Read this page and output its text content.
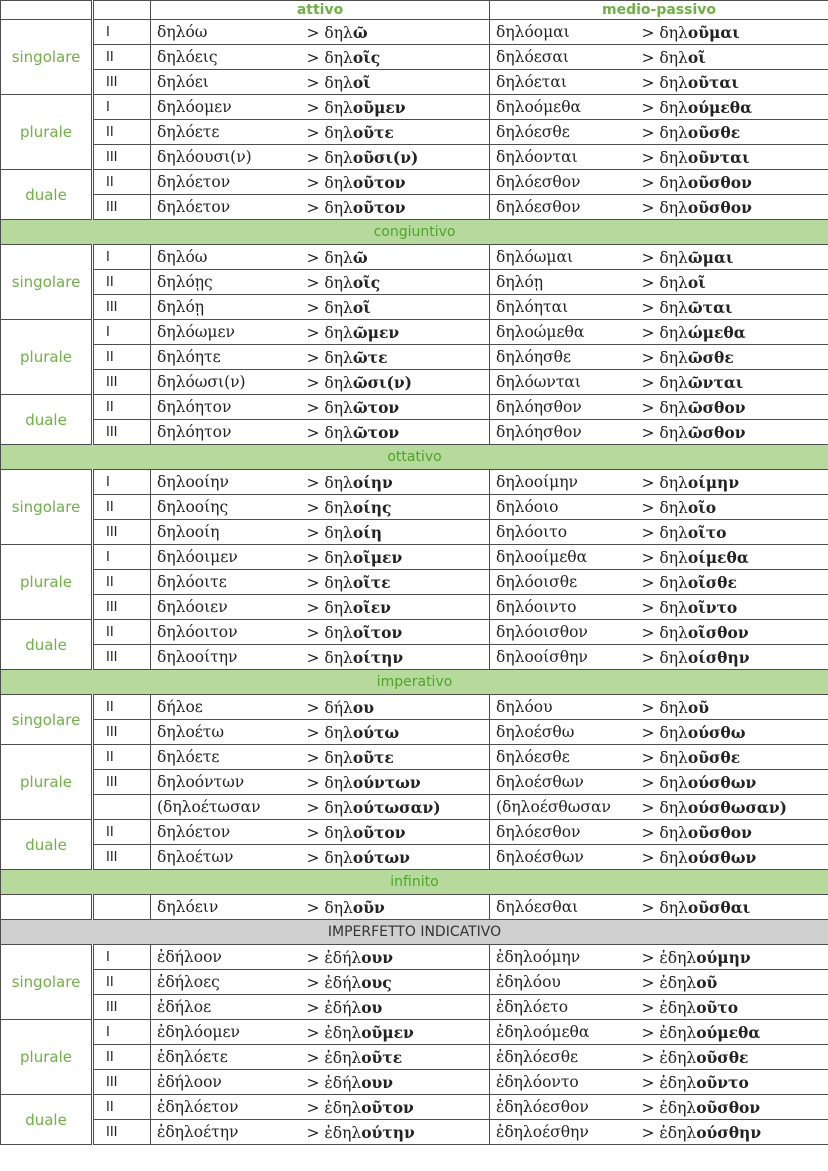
		attivo		medio-passivo	
singolare	I	δηλόω	> δηλῶ	δηλόομαι	> δηλοῦμαι
	II	δηλόεις	> δηλοῖς	δηλόεσαι	> δηλοῖ
	III	δηλόει	> δηλοῖ	δηλόεται	> δηλοῦται
plurale	I	δηλόομεν	> δηλοῦμεν	δηλοόμεθα	> δηλούμεθα
	II	δηλόετε	> δηλοῦτε	δηλόεσθε	> δηλοῦσθε
	III	δηλόουσι(ν)	> δηλοῦσι(ν)	δηλόονται	> δηλοῦνται
duale	II	δηλόετον	> δηλοῦτον	δηλόεσθον	> δηλοῦσθον
	III	δηλόετον	> δηλοῦτον	δηλόεσθον	> δηλοῦσθον
congiuntivo					
singolare	I	δηλόω	> δηλῶ	δηλόωμαι	> δηλῶμαι
	II	δηλόῃς	> δηλοῖς	δηλόῃ	> δηλοῖ
	III	δηλόῃ	> δηλοῖ	δηλόηται	> δηλῶται
plurale	I	δηλόωμεν	> δηλῶμεν	δηλοώμεθα	> δηλώμεθα
	II	δηλόητε	> δηλῶτε	δηλόησθε	> δηλῶσθε
	III	δηλόωσι(ν)	> δηλῶσι(ν)	δηλόωνται	> δηλῶνται
duale	II	δηλόητον	> δηλῶτον	δηλόησθον	> δηλῶσθον
	III	δηλόητον	> δηλῶτον	δηλόησθον	> δηλῶσθον
ottativo					
singolare	I	δηλοοίην	> δηλοίην	δηλοοίμην	> δηλοίμην
	II	δηλοοίης	> δηλοίης	δηλόοιο	> δηλοῖο
	III	δηλοοίη	> δηλοίη	δηλόοιτο	> δηλοῖτο
plurale	I	δηλόοιμεν	> δηλοῖμεν	δηλοοίμεθα	> δηλοίμεθα
	II	δηλόοιτε	> δηλοῖτε	δηλόοισθε	> δηλοῖσθε
	III	δηλόοιεν	> δηλοῖεν	δηλόοιντο	> δηλοῖντο
duale	II	δηλόοιτον	> δηλοῖτον	δηλόοισθον	> δηλοῖσθον
	III	δηλοοίτην	> δηλοίτην	δηλοοίσθην	> δηλοίσθην
imperativo					
singolare	II	δήλοε	> δήλου	δηλόου	> δηλοῦ
	III	δηλοέτω	> δηλούτω	δηλοέσθω	> δηλούσθω
plurale	II	δηλόετε	> δηλοῦτε	δηλόεσθε	> δηλοῦσθε
	III	δηλοόντων	> δηλούντων	δηλοέσθων	> δηλούσθων
		(δηλοέτωσαν	> δηλούτωσαν)	(δηλοέσθωσαν	> δηλούσθωσαν)
duale	II	δηλόετον	> δηλοῦτον	δηλόεσθον	> δηλοῦσθον
	III	δηλοέτων	> δηλούτων	δηλοέσθων	> δηλούσθων
infinito					
		δηλόειν	> δηλοῦν	δηλόεσθαι	> δηλοῦσθαι
IMPERFETTO INDICATIVO					
singolare	I	ἐδήλοον	> ἐδήλουν	ἐδηλοόμην	> ἐδηλούμην
	II	ἐδήλοες	> ἐδήλους	ἐδηλόου	> ἐδηλοῦ
	III	ἐδήλοε	> ἐδήλου	ἐδηλόετο	> ἐδηλοῦτο
plurale	I	ἐδηλόομεν	> ἐδηλοῦμεν	ἐδηλοόμεθα	> ἐδηλούμεθα
	II	ἐδηλόετε	> ἐδηλοῦτε	ἐδηλόεσθε	> ἐδηλοῦσθε
	III	ἐδήλοον	> ἐδήλουν	ἐδηλόοντο	> ἐδηλοῦντο
duale	II	ἐδηλόετον	> ἐδηλοῦτον	ἐδηλόεσθον	> ἐδηλοῦσθον
	III	ἐδηλοέτην	> ἐδηλούτην	ἐδηλοέσθην	> ἐδηλούσθην
